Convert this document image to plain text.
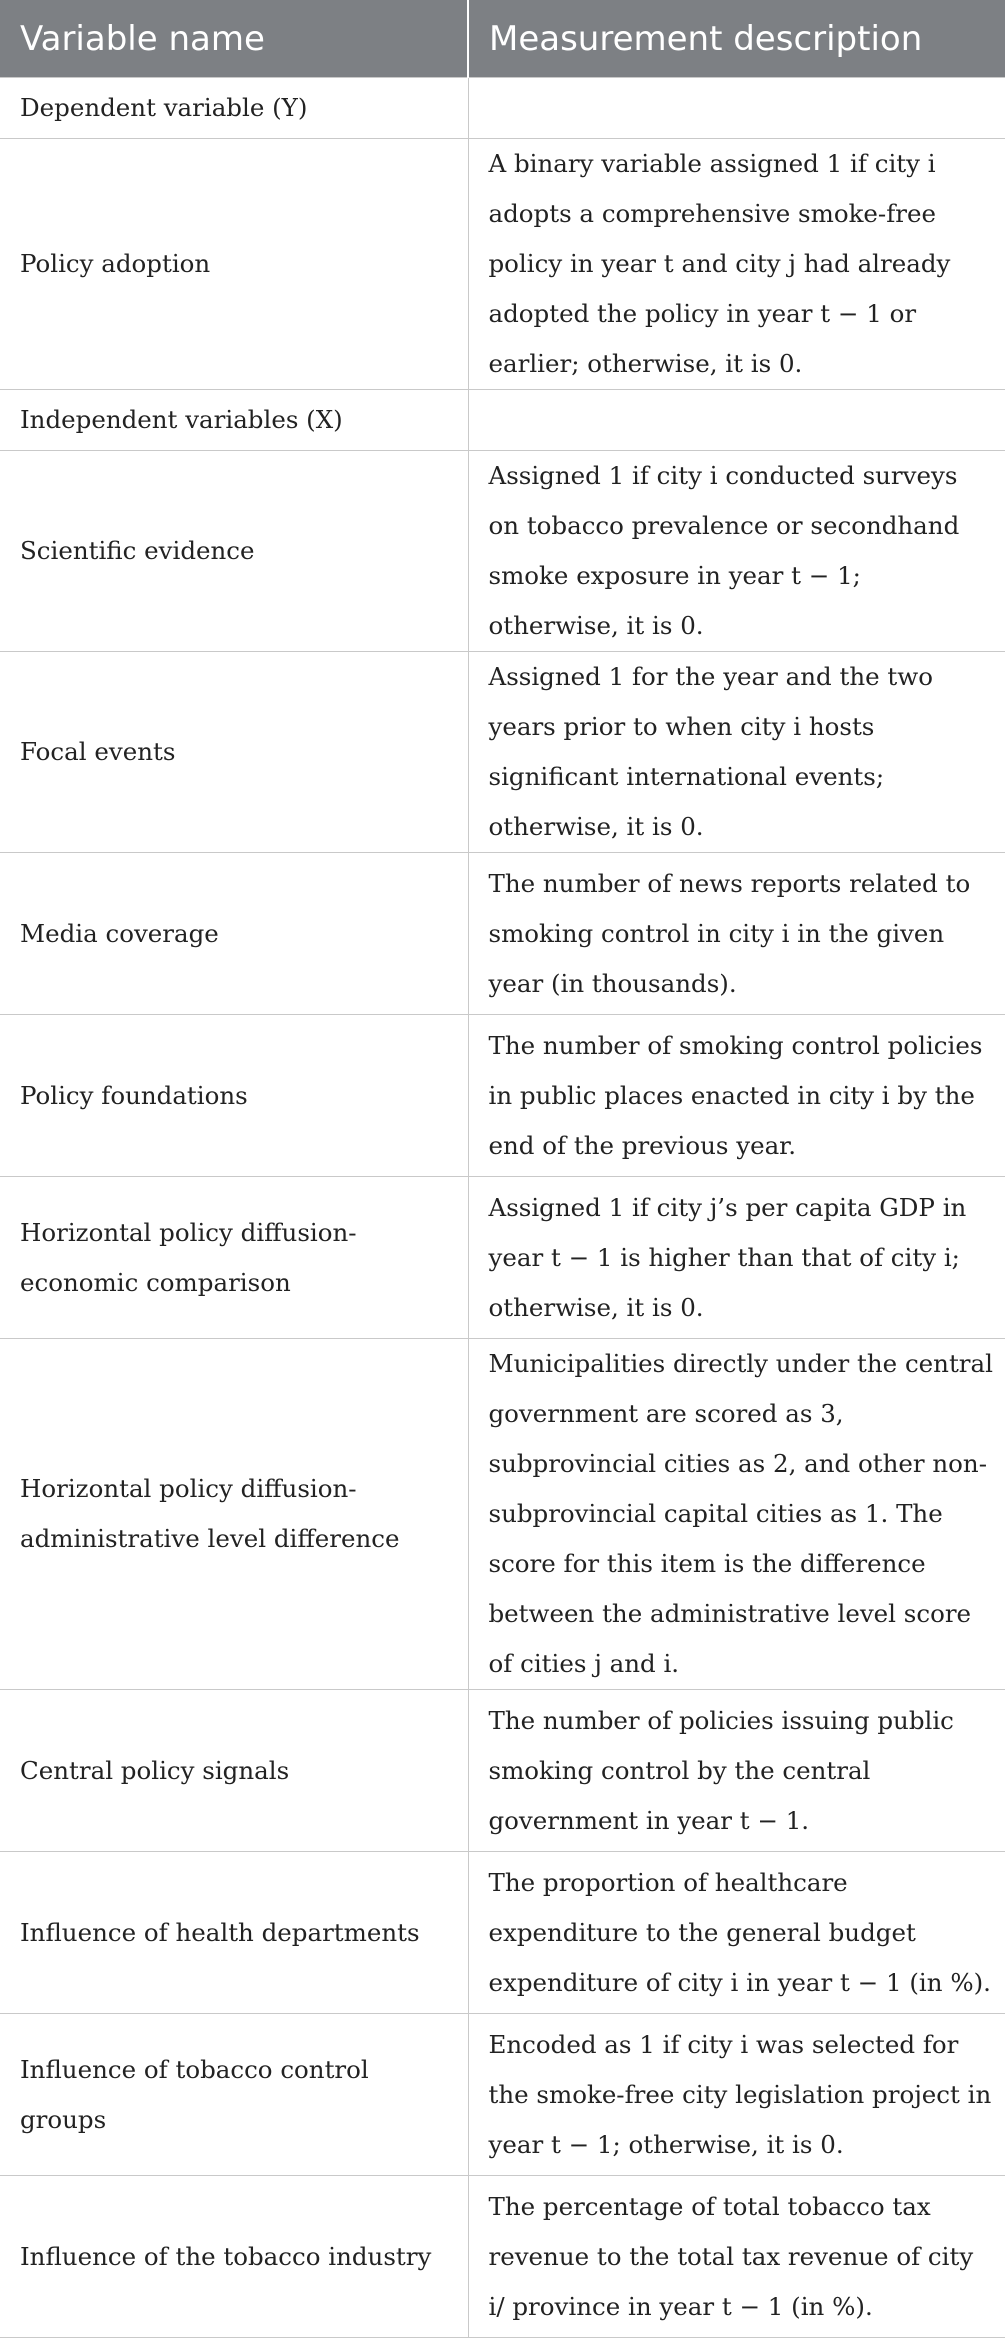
Variable name	Measurement description
Dependent variable (Y)	
Policy adoption	A binary variable assigned 1 if city i adopts a comprehensive smoke-free policy in year t and city j had already adopted the policy in year t − 1 or earlier; otherwise, it is 0.
Independent variables (X)	
Scientific evidence	Assigned 1 if city i conducted surveys on tobacco prevalence or secondhand smoke exposure in year t − 1; otherwise, it is 0.
Focal events	Assigned 1 for the year and the two years prior to when city i hosts significant international events; otherwise, it is 0.
Media coverage	The number of news reports related to smoking control in city i in the given year (in thousands).
Policy foundations	The number of smoking control policies in public places enacted in city i by the end of the previous year.
Horizontal policy diffusion-economic comparison	Assigned 1 if city j’s per capita GDP in year t − 1 is higher than that of city i; otherwise, it is 0.
Horizontal policy diffusion-administrative level difference	Municipalities directly under the central government are scored as 3, subprovincial cities as 2, and other non-subprovincial capital cities as 1. The score for this item is the difference between the administrative level score of cities j and i.
Central policy signals	The number of policies issuing public smoking control by the central government in year t − 1.
Influence of health departments	The proportion of healthcare expenditure to the general budget expenditure of city i in year t − 1 (in %).
Influence of tobacco control groups	Encoded as 1 if city i was selected for the smoke-free city legislation project in year t − 1; otherwise, it is 0.
Influence of the tobacco industry	The percentage of total tobacco tax revenue to the total tax revenue of city i/ province in year t − 1 (in %).
